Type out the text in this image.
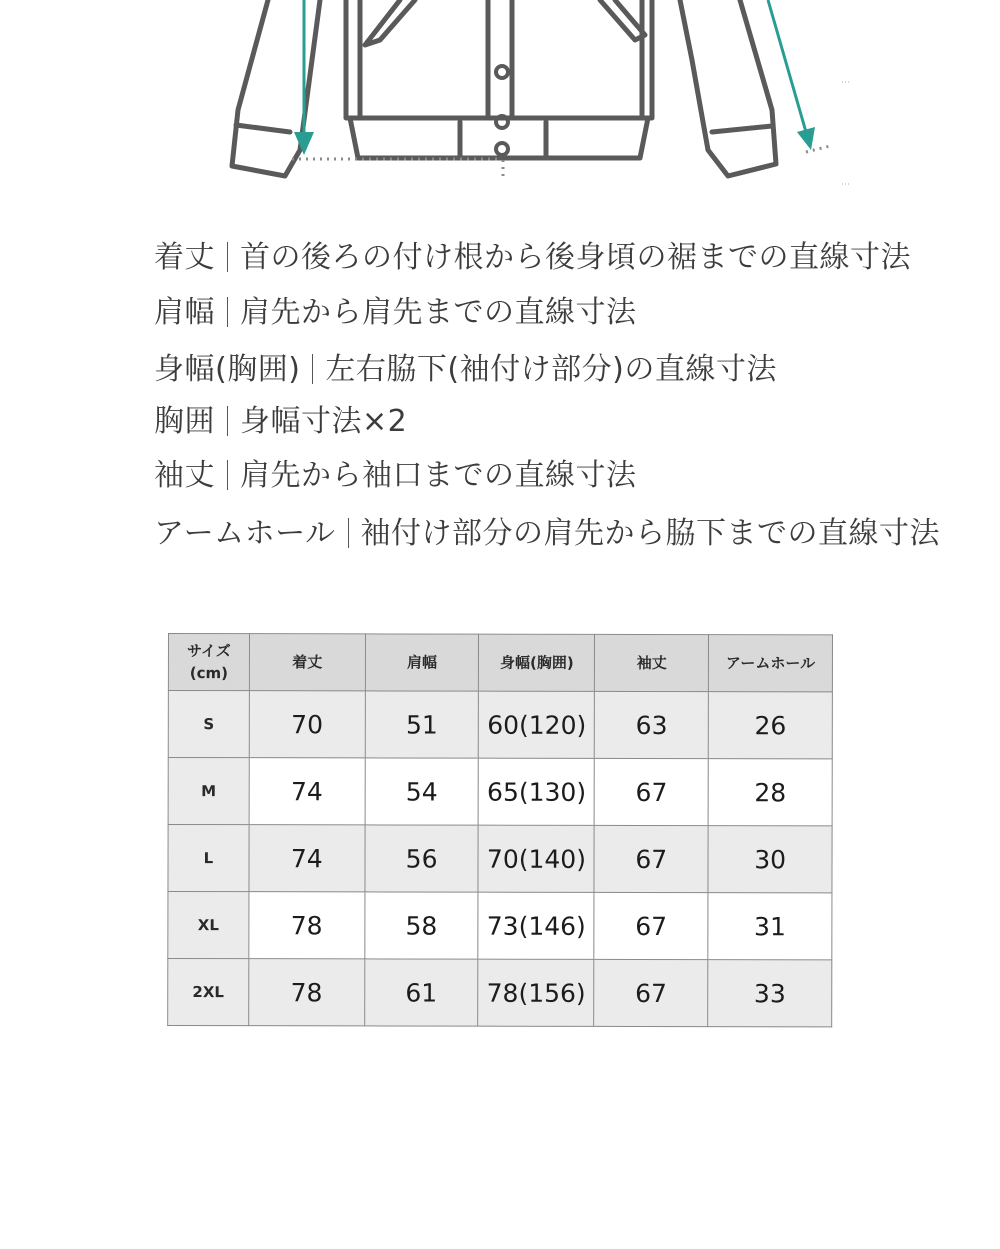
着丈 首の後ろの付け根から後身頃の裾までの直線寸法
肩幅 肩先から肩先までの直線寸法
身幅(胸囲) 左右脇下(袖付け部分)の直線寸法
胸囲 身幅寸法×2
袖丈 肩先から袖口までの直線寸法
アームホール 袖付け部分の肩先から脇下までの直線寸法
サイズ
(cm)	着丈	肩幅	身幅(胸囲)	袖丈	アームホール
S	70	51	60(120)	63	26
M	74	54	65(130)	67	28
L	74	56	70(140)	67	30
XL	78	58	73(146)	67	31
2XL	78	61	78(156)	67	33
